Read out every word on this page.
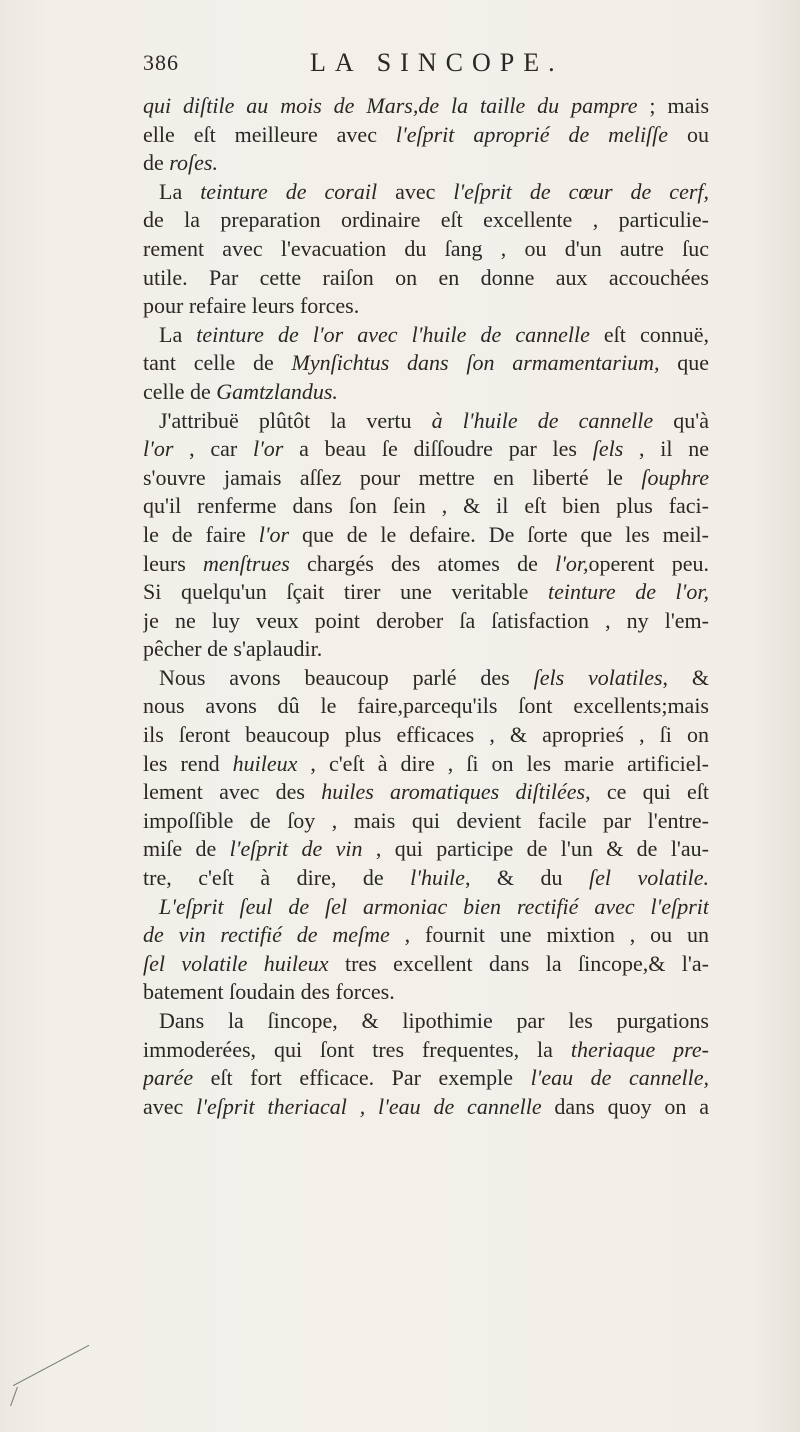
386	LA SINCOPE.
qui diſtile au mois de Mars,de la taille du pampre ; mais
elle eſt meilleure avec l'eſprit aproprié de meliſſe ou
de roſes.
La teinture de corail avec l'eſprit de cœur de cerf,
de la preparation ordinaire eſt excellente , particulie-
rement avec l'evacuation du ſang , ou d'un autre ſuc
utile. Par cette raiſon on en donne aux accouchées
pour refaire leurs forces.
La teinture de l'or avec l'huile de cannelle eſt connuë,
tant celle de Mynſichtus dans ſon armamentarium, que
celle de Gamtzlandus.
J'attribuë plûtôt la vertu à l'huile de cannelle qu'à
l'or , car l'or a beau ſe diſſoudre par les ſels , il ne
s'ouvre jamais aſſez pour mettre en liberté le ſouphre
qu'il renferme dans ſon ſein , & il eſt bien plus faci-
le de faire l'or que de le defaire. De ſorte que les meil-
leurs menſtrues chargés des atomes de l'or,operent peu.
Si quelqu'un ſçait tirer une veritable teinture de l'or,
je ne luy veux point derober ſa ſatisfaction , ny l'em-
pêcher de s'aplaudir.
Nous avons beaucoup parlé des ſels volatiles, &
nous avons dû le faire,parcequ'ils ſont excellents;mais
ils ſeront beaucoup plus efficaces , & aproprieś , ſi on
les rend huileux , c'eſt à dire , ſi on les marie artificiel-
lement avec des huiles aromatiques diſtilées, ce qui eſt
impoſſible de ſoy , mais qui devient facile par l'entre-
miſe de l'eſprit de vin , qui participe de l'un & de l'au-
tre, c'eſt à dire, de l'huile, & du ſel volatile.
L'eſprit ſeul de ſel armoniac bien rectifié avec l'eſprit
de vin rectifié de meſme , fournit une mixtion , ou un
ſel volatile huileux tres excellent dans la ſincope,& l'a-
batement ſoudain des forces.
Dans la ſincope, & lipothimie par les purgations
immoderées, qui ſont tres frequentes, la theriaque pre-
parée eſt fort efficace. Par exemple l'eau de cannelle,
avec l'eſprit theriacal , l'eau de cannelle dans quoy on a
